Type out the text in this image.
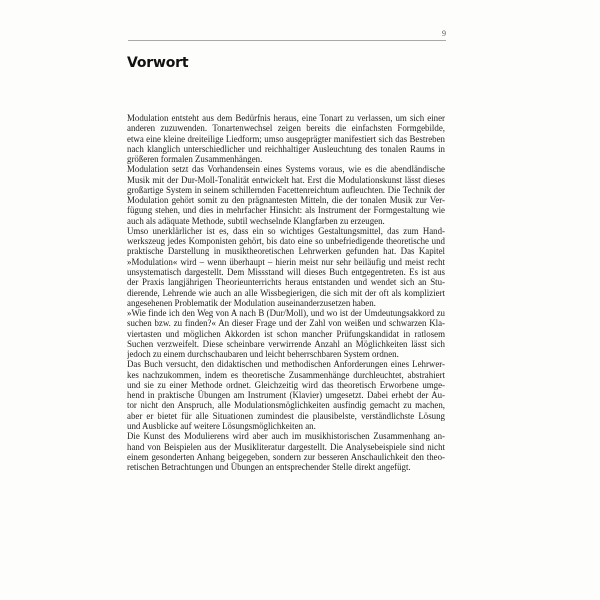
9
Vorwort
Modulation entsteht aus dem Bedürfnis heraus, eine Tonart zu verlassen, um sich einer
anderen zuzuwenden. Tonartenwechsel zeigen bereits die einfachsten Formgebilde,
etwa eine kleine dreiteilige Liedform; umso ausgeprägter manifestiert sich das Bestreben
nach klanglich unterschiedlicher und reichhaltiger Ausleuchtung des tonalen Raums in
größeren formalen Zusammenhängen.
Modulation setzt das Vorhandensein eines Systems voraus, wie es die abendländische
Musik mit der Dur-Moll-Tonalität entwickelt hat. Erst die Modulationskunst lässt dieses
großartige System in seinem schillernden Facettenreichtum aufleuchten. Die Technik der
Modulation gehört somit zu den prägnantesten Mitteln, die der tonalen Musik zur Ver-
fügung stehen, und dies in mehrfacher Hinsicht: als Instrument der Formgestaltung wie
auch als adäquate Methode, subtil wechselnde Klangfarben zu erzeugen.
Umso unerklärlicher ist es, dass ein so wichtiges Gestaltungsmittel, das zum Hand-
werkszeug jedes Komponisten gehört, bis dato eine so unbefriedigende theoretische und
praktische Darstellung in musiktheoretischen Lehrwerken gefunden hat. Das Kapitel
»Modulation« wird – wenn überhaupt – hierin meist nur sehr beiläufig und meist recht
unsystematisch dargestellt. Dem Missstand will dieses Buch entgegentreten. Es ist aus
der Praxis langjährigen Theorieunterrichts heraus entstanden und wendet sich an Stu-
dierende, Lehrende wie auch an alle Wissbegierigen, die sich mit der oft als kompliziert
angesehenen Problematik der Modulation auseinanderzusetzen haben.
»Wie finde ich den Weg von A nach B (Dur/Moll), und wo ist der Umdeutungsakkord zu
suchen bzw. zu finden?« An dieser Frage und der Zahl von weißen und schwarzen Kla-
viertasten und möglichen Akkorden ist schon mancher Prüfungskandidat in ratlosem
Suchen verzweifelt. Diese scheinbare verwirrende Anzahl an Möglichkeiten lässt sich
jedoch zu einem durchschaubaren und leicht beherrschbaren System ordnen.
Das Buch versucht, den didaktischen und methodischen Anforderungen eines Lehrwer-
kes nachzukommen, indem es theoretische Zusammenhänge durchleuchtet, abstrahiert
und sie zu einer Methode ordnet. Gleichzeitig wird das theoretisch Erworbene umge-
hend in praktische Übungen am Instrument (Klavier) umgesetzt. Dabei erhebt der Au-
tor nicht den Anspruch, alle Modulationsmöglichkeiten ausfindig gemacht zu machen,
aber er bietet für alle Situationen zumindest die plausibelste, verständlichste Lösung
und Ausblicke auf weitere Lösungsmöglichkeiten an.
Die Kunst des Modulierens wird aber auch im musikhistorischen Zusammenhang an-
hand von Beispielen aus der Musikliteratur dargestellt. Die Analysebeispiele sind nicht
einem gesonderten Anhang beigegeben, sondern zur besseren Anschaulichkeit den theo-
retischen Betrachtungen und Übungen an entsprechender Stelle direkt angefügt.
